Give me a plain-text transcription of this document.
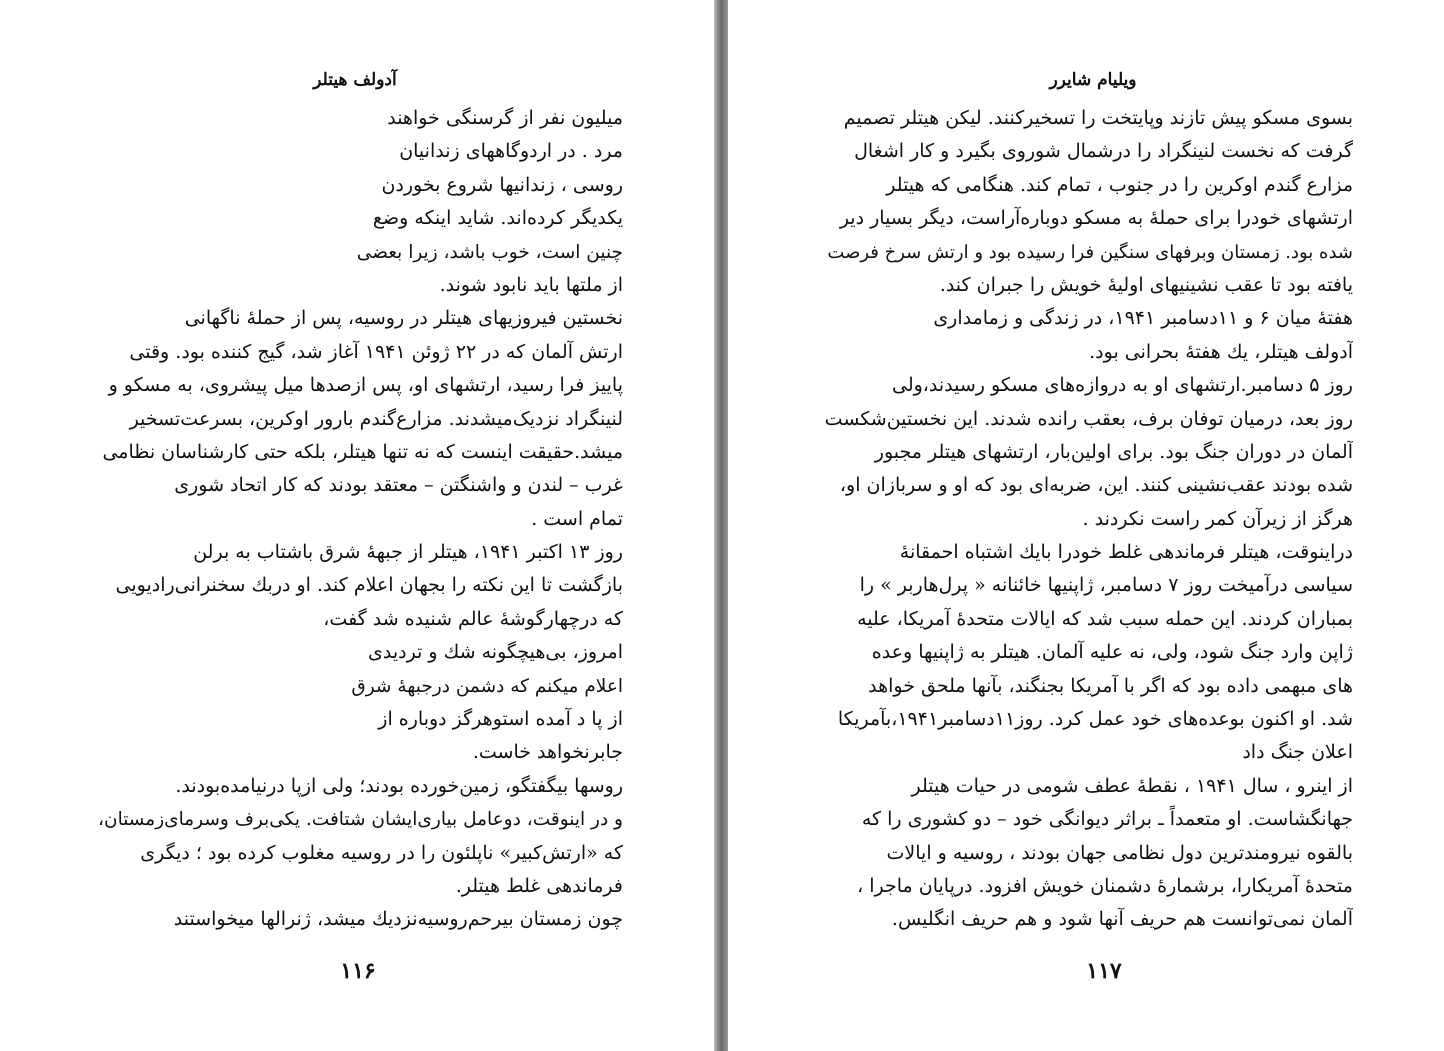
آدولف هیتلر
میلیون نفر از گرسنگی خواهند
مرد . در اردوگاههای زندانیان
روسی ، زندانیها شروع بخوردن
یکدیگر کرده‌اند. شاید اینکه وضع
چنین است، خوب باشد، زیرا بعضی
از ملتها باید نابود شوند.
نخستین فیروزیهای هیتلر در روسیه، پس از حملهٔ ناگهانی
ارتش آلمان که در ۲۲ ژوئن ۱۹۴۱ آغاز شد، گیج کننده بود. وقتی
پاییز فرا رسید، ارتشهای او، پس ازصدها میل پیشروی، به مسکو و
لنینگراد نزدیک‌میشدند. مزارع‌گندم بارور اوکرین، بسرعت‌تسخیر
میشد.حقیقت اینست که نه تنها هیتلر، بلکه حتی کارشناسان نظامی
غرب – لندن و واشنگتن – معتقد بودند که کار اتحاد شوری
تمام است .
روز ۱۳ اکتبر ۱۹۴۱، هیتلر از جبههٔ شرق باشتاب به برلن
بازگشت تا این نکته را بجهان اعلام کند. او دربك سخنرانی‌رادیویی
که درچهارگوشهٔ عالم شنیده شد گفت،
امروز، بی‌هیچگونه شك و تردیدی
اعلام میکنم که دشمن درجبههٔ شرق
از پا د آمده استوهرگز دوباره از
جابرنخواهد خاست.
روسها بیگفتگو، زمین‌خورده بودند؛ ولی ازپا درنیامده‌بودند.
و در اینوقت، دوعامل بیاری‌ایشان شتافت. یکی‌برف وسرمای‌زمستان،
که «ارتش‌کبیر» ناپلئون را در روسیه مغلوب کرده بود ؛ دیگری
فرماندهی غلط هیتلر.
چون زمستان بیرحم‌روسیه‌نزدیك میشد، ژنرالها میخواستند
۱۱۶
ویلیام شایرر
بسوی مسکو پیش تازند وپایتخت را تسخیرکنند. لیکن هیتلر تصمیم
گرفت که نخست لنینگراد را درشمال شوروی بگیرد و کار اشغال
مزارع گندم اوکرین را در جنوب ، تمام کند. هنگامی که هیتلر
ارتشهای خودرا برای حملهٔ به مسکو دوباره‌آراست، دیگر بسیار دیر
شده بود. زمستان وبرفهای سنگین فرا رسیده بود و ارتش سرخ فرصت
یافته بود تا عقب نشینیهای اولیهٔ خویش را جبران کند.
هفتهٔ میان ۶ و ۱۱دسامبر ۱۹۴۱، در زندگی و زمامداری
آدولف هیتلر، یك هفتهٔ بحرانی بود.
روز ۵ دسامبر.ارتشهای او به دروازه‌های مسکو رسیدند،ولی
روز بعد، درمیان توفان برف، بعقب رانده شدند. این نخستین‌شکست
آلمان در دوران جنگ بود. برای اولین‌بار، ارتشهای هیتلر مجبور
شده بودند عقب‌نشینی کنند. این، ضربه‌ای بود که او و سربازان او،
هرگز از زیرآن کمر راست نکردند .
دراینوقت، هیتلر فرماندهی غلط خودرا بایك اشتباه احمقانهٔ
سیاسی درآمیخت روز ۷ دسامبر، ژاپنیها خائنانه « پرل‌هاربر » را
بمباران کردند. این حمله سبب شد که ایالات متحدهٔ آمریکا، علیه
ژاپن وارد جنگ شود، ولی، نه علیه آلمان. هیتلر به ژاپنیها وعده‌
های مبهمی داده بود که اگر با آمریکا بجنگند، بآنها ملحق خواهد
شد. او اکنون بوعده‌های خود عمل کرد. روز۱۱دسامبر۱۹۴۱،بآمریکا
اعلان جنگ داد
از اینرو ، سال ۱۹۴۱ ، نقطهٔ عطف شومی در حیات هیتلر
جهانگشاست. او متعمداً ـ براثر دیوانگی خود – دو کشوری را که
بالقوه نیرومندترین دول نظامی جهان بودند ، روسیه و ایالات
متحدهٔ آمریکارا، برشمارهٔ دشمنان خویش افزود. درپایان ماجرا ،
آلمان نمی‌توانست هم حریف آنها شود و هم حریف انگلیس.
۱۱۷
